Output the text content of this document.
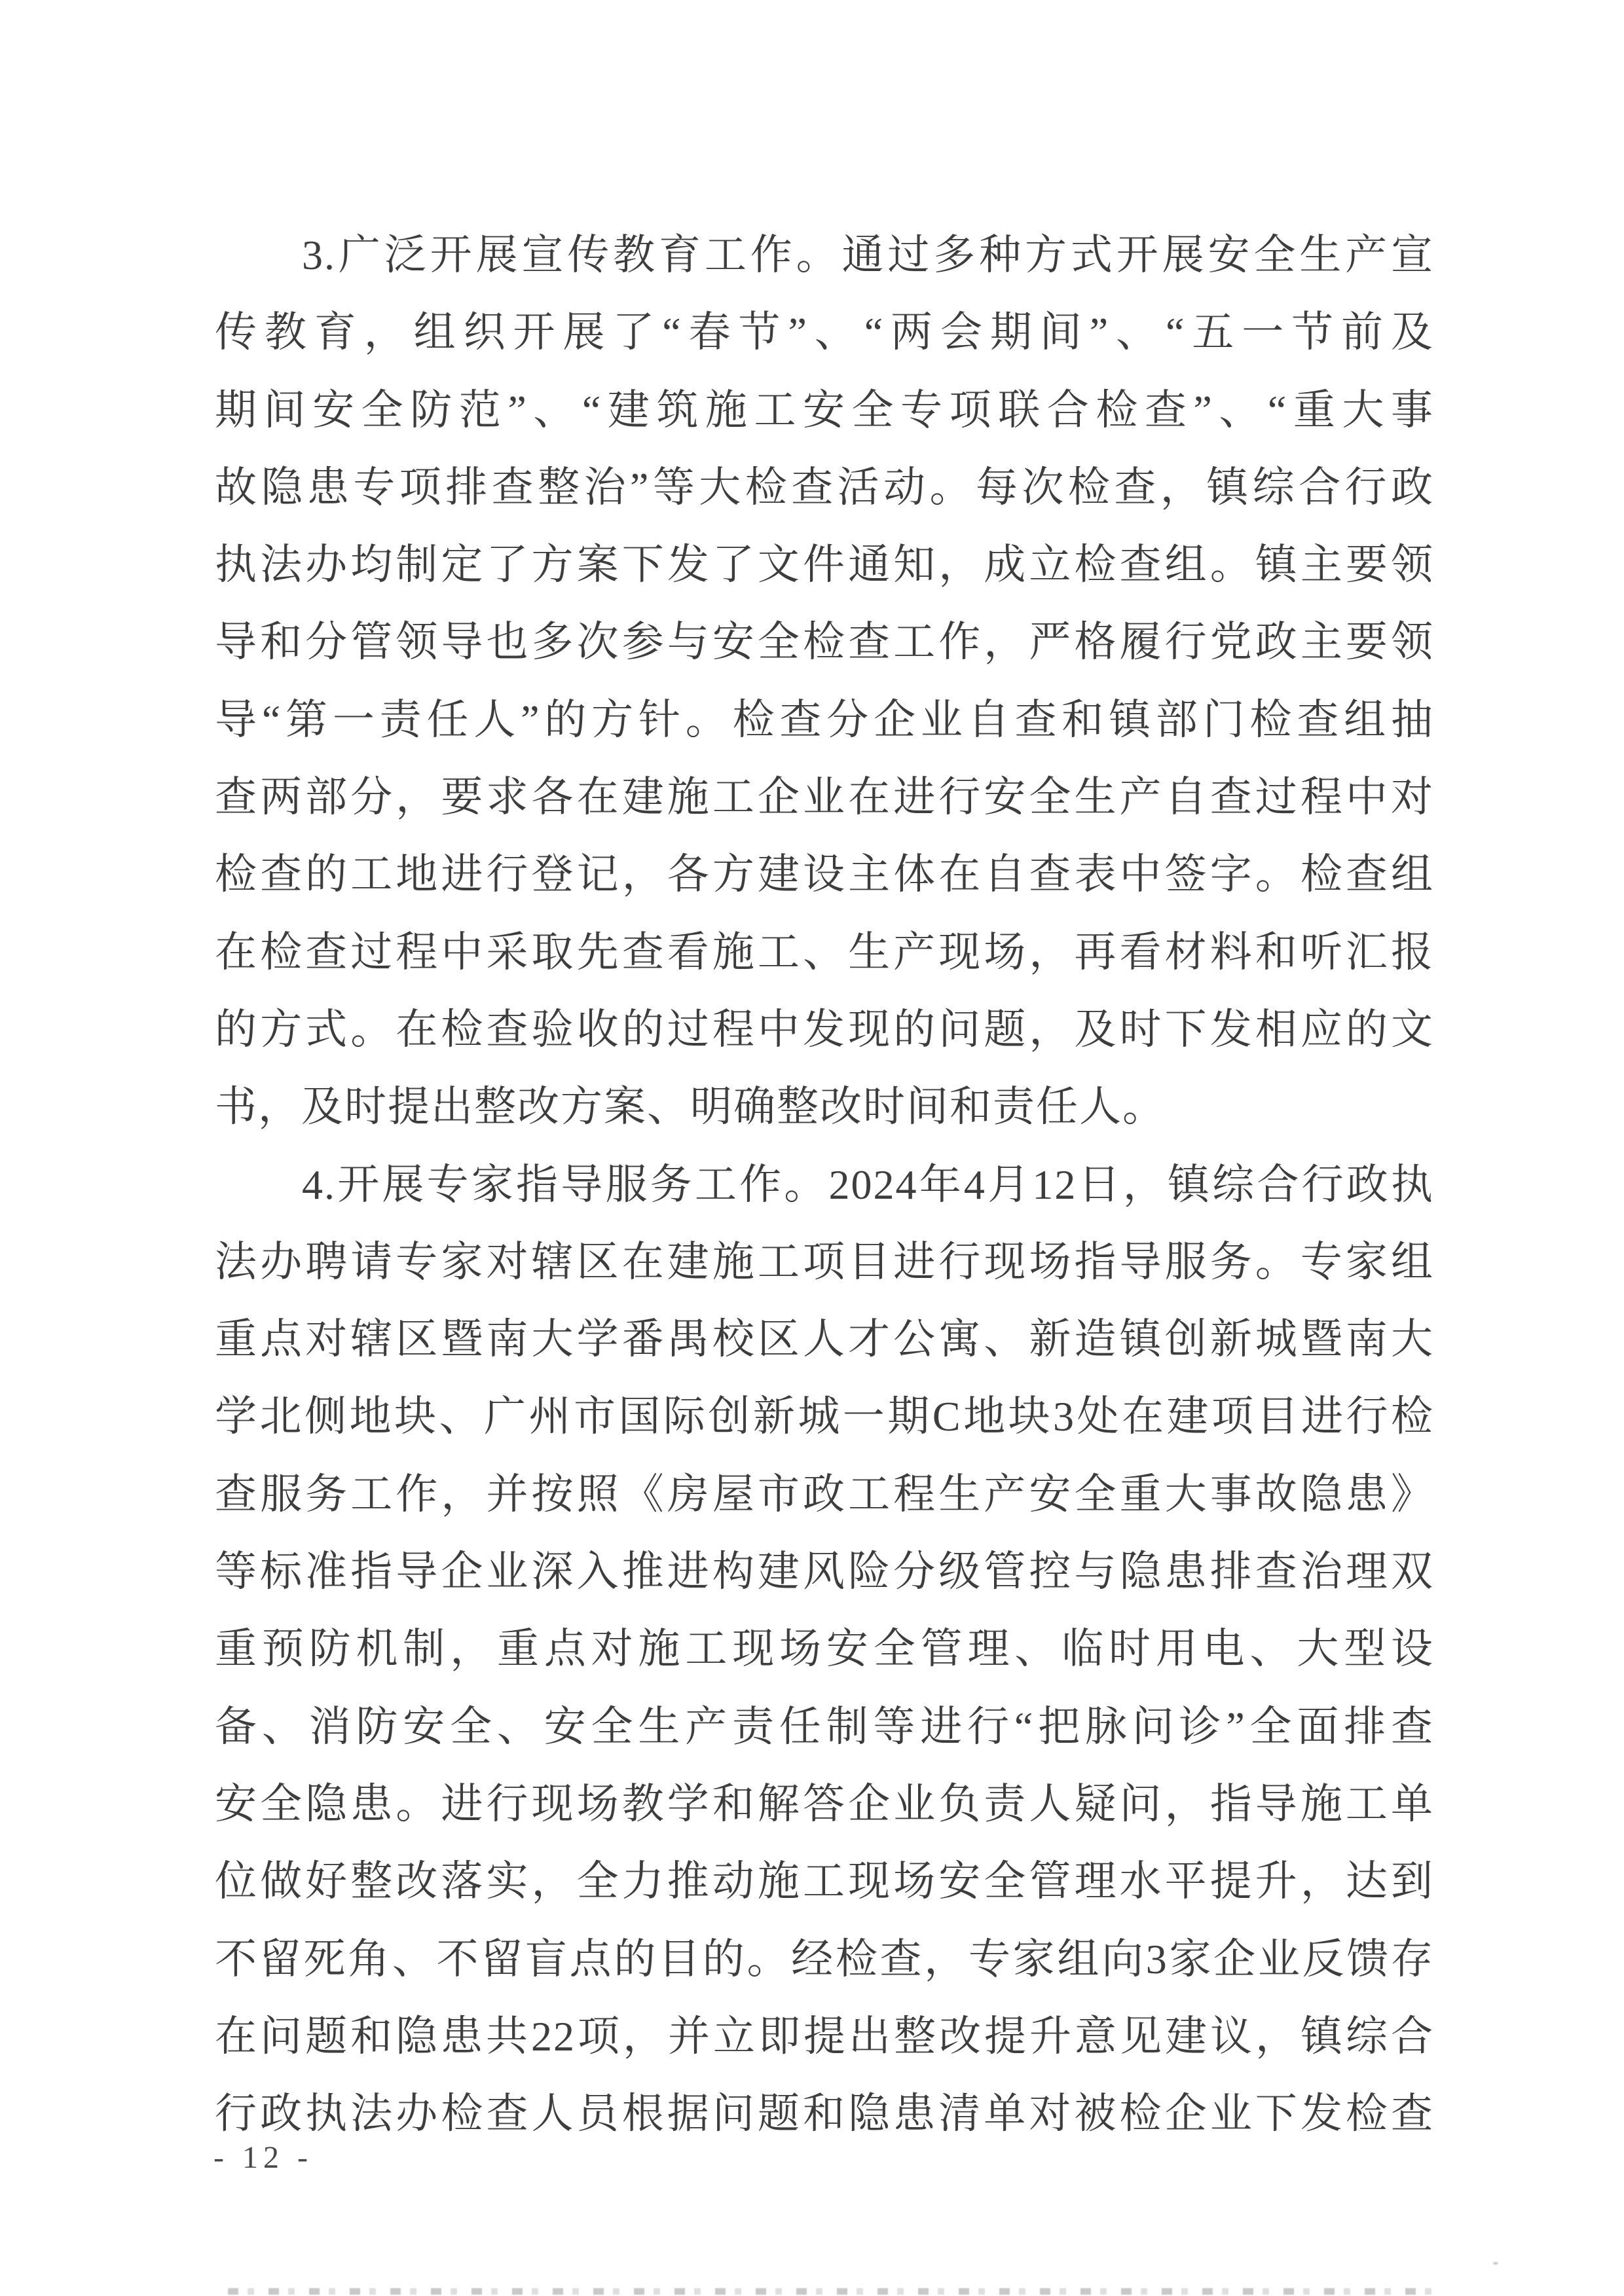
3.广泛开展宣传教育工作。通过多种方式开展安全生产宣
传教育，组织开展了“春节”、“两会期间”、“五一节前及
期间安全防范”、“建筑施工安全专项联合检查”、“重大事
故隐患专项排查整治”等大检查活动。每次检查，镇综合行政
执法办均制定了方案下发了文件通知，成立检查组。镇主要领
导和分管领导也多次参与安全检查工作，严格履行党政主要领
导“第一责任人”的方针。检查分企业自查和镇部门检查组抽
查两部分，要求各在建施工企业在进行安全生产自查过程中对
检查的工地进行登记，各方建设主体在自查表中签字。检查组
在检查过程中采取先查看施工、生产现场，再看材料和听汇报
的方式。在检查验收的过程中发现的问题，及时下发相应的文
书，及时提出整改方案、明确整改时间和责任人。
4.开展专家指导服务工作。2024年4月12日，镇综合行政执
法办聘请专家对辖区在建施工项目进行现场指导服务。专家组
重点对辖区暨南大学番禺校区人才公寓、新造镇创新城暨南大
学北侧地块、广州市国际创新城一期C地块3处在建项目进行检
查服务工作，并按照《房屋市政工程生产安全重大事故隐患》
等标准指导企业深入推进构建风险分级管控与隐患排查治理双
重预防机制，重点对施工现场安全管理、临时用电、大型设
备、消防安全、安全生产责任制等进行“把脉问诊”全面排查
安全隐患。进行现场教学和解答企业负责人疑问，指导施工单
位做好整改落实，全力推动施工现场安全管理水平提升，达到
不留死角、不留盲点的目的。经检查，专家组向3家企业反馈存
在问题和隐患共22项，并立即提出整改提升意见建议，镇综合
行政执法办检查人员根据问题和隐患清单对被检企业下发检查
- 12 -
